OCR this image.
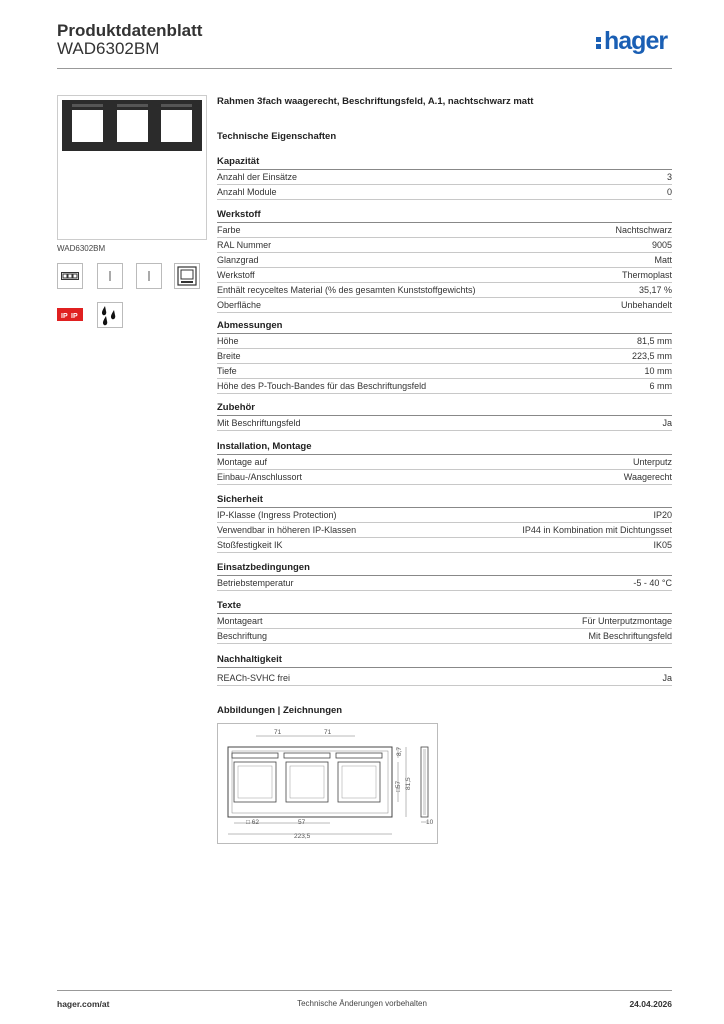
Produktdatenblatt
WAD6302BM	hager
WAD6302BM
IP IP
Rahmen 3fach waagerecht, Beschriftungsfeld, A.1, nachtschwarz matt
Technische Eigenschaften
Kapazität
Anzahl der Einsätze	3
Anzahl Module	0
Werkstoff
Farbe	Nachtschwarz
RAL Nummer	9005
Glanzgrad	Matt
Werkstoff	Thermoplast
Enthält recyceltes Material (% des gesamten Kunststoffgewichts)	35,17 %
Oberfläche	Unbehandelt
Abmessungen
Höhe	81,5 mm
Breite	223,5 mm
Tiefe	10 mm
Höhe des P-Touch-Bandes für das Beschriftungsfeld	6 mm
Zubehör
Mit Beschriftungsfeld	Ja
Installation, Montage
Montage auf	Unterputz
Einbau-/Anschlussort	Waagerecht
Sicherheit
IP-Klasse (Ingress Protection)	IP20
Verwendbar in höheren IP-Klassen	IP44 in Kombination mit Dichtungsset
Stoßfestigkeit IK	IK05
Einsatzbedingungen
Betriebstemperatur	-5 - 40 °C
Texte
Montageart	Für Unterputzmontage
Beschriftung	Mit Beschriftungsfeld
Nachhaltigkeit
REACh-SVHC frei	Ja
Abbildungen | Zeichnungen
71	71
8,7
□57 81,5
10
□ 62	57
223,5
hager.com/at	Technische Änderungen vorbehalten	24.04.2026
